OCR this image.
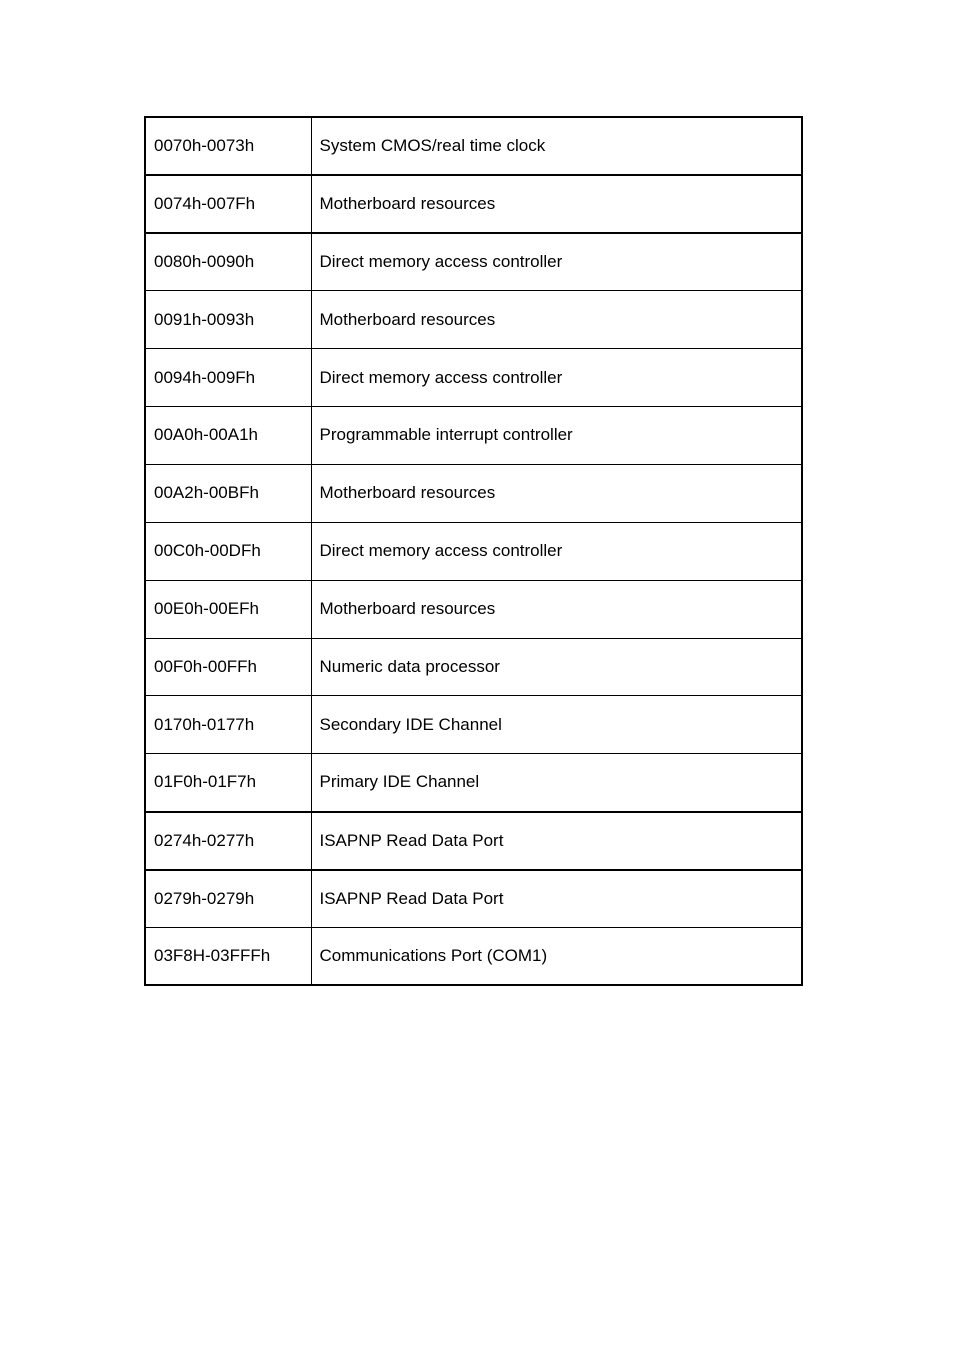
0070h-0073h	System CMOS/real time clock
0074h-007Fh	Motherboard resources
0080h-0090h	Direct memory access controller
0091h-0093h	Motherboard resources
0094h-009Fh	Direct memory access controller
00A0h-00A1h	Programmable interrupt controller
00A2h-00BFh	Motherboard resources
00C0h-00DFh	Direct memory access controller
00E0h-00EFh	Motherboard resources
00F0h-00FFh	Numeric data processor
0170h-0177h	Secondary IDE Channel
01F0h-01F7h	Primary IDE Channel
0274h-0277h	ISAPNP Read Data Port
0279h-0279h	ISAPNP Read Data Port
03F8H-03FFFh	Communications Port (COM1)
